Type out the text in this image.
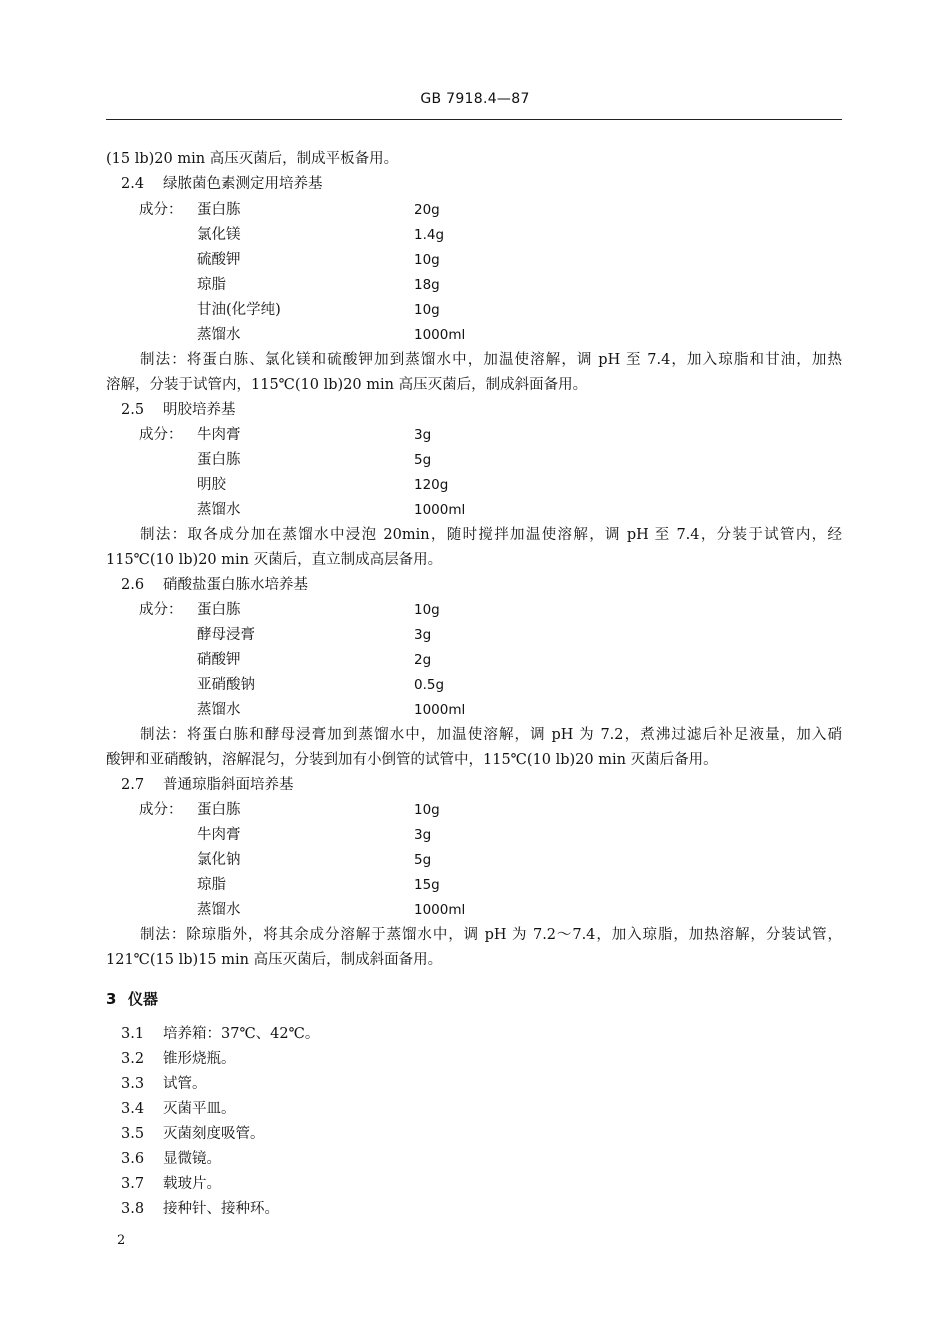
GB 7918.4—87
(15 lb)20 min 高压灭菌后，制成平板备用。
2.4 绿脓菌色素测定用培养基
成分： 蛋白胨	20g
氯化镁	1.4g
硫酸钾	10g
琼脂	18g
甘油(化学纯)	10g
蒸馏水	1000ml
制法：将蛋白胨、氯化镁和硫酸钾加到蒸馏水中，加温使溶解，调 pH 至 7.4，加入琼脂和甘油，加热
溶解，分装于试管内，115℃(10 lb)20 min 高压灭菌后，制成斜面备用。
2.5 明胶培养基
成分： 牛肉膏	3g
蛋白胨	5g
明胶	120g
蒸馏水	1000ml
制法：取各成分加在蒸馏水中浸泡 20min，随时搅拌加温使溶解，调 pH 至 7.4，分装于试管内，经
115℃(10 lb)20 min 灭菌后，直立制成高层备用。
2.6 硝酸盐蛋白胨水培养基
成分： 蛋白胨	10g
酵母浸膏	3g
硝酸钾	2g
亚硝酸钠	0.5g
蒸馏水	1000ml
制法：将蛋白胨和酵母浸膏加到蒸馏水中，加温使溶解，调 pH 为 7.2，煮沸过滤后补足液量，加入硝
酸钾和亚硝酸钠，溶解混匀，分装到加有小倒管的试管中，115℃(10 lb)20 min 灭菌后备用。
2.7 普通琼脂斜面培养基
成分： 蛋白胨	10g
牛肉膏	3g
氯化钠	5g
琼脂	15g
蒸馏水	1000ml
制法：除琼脂外，将其余成分溶解于蒸馏水中，调 pH 为 7.2～7.4，加入琼脂，加热溶解，分装试管，
121℃(15 lb)15 min 高压灭菌后，制成斜面备用。
3 仪器
3.1 培养箱：37℃、42℃。
3.2 锥形烧瓶。
3.3 试管。
3.4 灭菌平皿。
3.5 灭菌刻度吸管。
3.6 显微镜。
3.7 载玻片。
3.8 接种针、接种环。
2
